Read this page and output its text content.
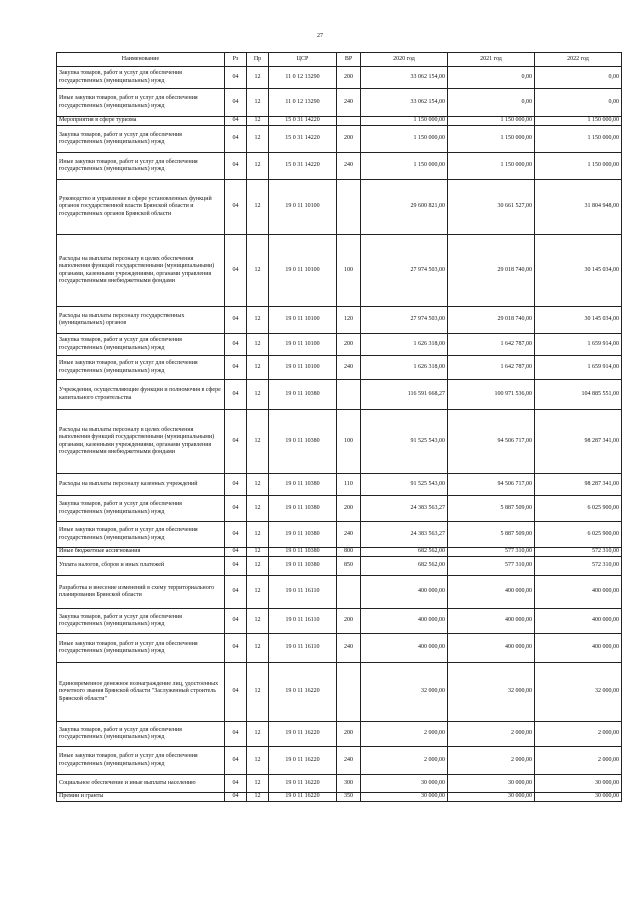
27
Наименование	Рз	Пр	ЦСР	ВР	2020 год	2021 год	2022 год
Закупка товаров, работ и услуг для обеспечения государственных (муниципальных) нужд	04	12	11 0 12 13290	200	33 062 154,00	0,00	0,00
Иные закупки товаров, работ и услуг для обеспечения государственных (муниципальных) нужд	04	12	11 0 12 13290	240	33 062 154,00	0,00	0,00
Мероприятия в сфере туризма	04	12	15 0 31 14220		1 150 000,00	1 150 000,00	1 150 000,00
Закупка товаров, работ и услуг для обеспечения государственных (муниципальных) нужд	04	12	15 0 31 14220	200	1 150 000,00	1 150 000,00	1 150 000,00
Иные закупки товаров, работ и услуг для обеспечения государственных (муниципальных) нужд	04	12	15 0 31 14220	240	1 150 000,00	1 150 000,00	1 150 000,00
Руководство и управление в сфере установленных функций органов государственной власти Брянской области и государственных органов Брянской области	04	12	19 0 11 10100		29 600 821,00	30 661 527,00	31 804 948,00
Расходы на выплаты персоналу в целях обеспечения выполнения функций государственными (муниципальными) органами, казенными учреждениями, органами управления государственными внебюджетными фондами	04	12	19 0 11 10100	100	27 974 503,00	29 018 740,00	30 145 034,00
Расходы на выплаты персоналу государственных (муниципальных) органов	04	12	19 0 11 10100	120	27 974 503,00	29 018 740,00	30 145 034,00
Закупка товаров, работ и услуг для обеспечения государственных (муниципальных) нужд	04	12	19 0 11 10100	200	1 626 318,00	1 642 787,00	1 659 914,00
Иные закупки товаров, работ и услуг для обеспечения государственных (муниципальных) нужд	04	12	19 0 11 10100	240	1 626 318,00	1 642 787,00	1 659 914,00
Учреждения, осуществляющие функции и полномочия в сфере капитального строительства	04	12	19 0 11 10380		116 591 668,27	100 971 536,00	104 885 551,00
Расходы на выплаты персоналу в целях обеспечения выполнения функций государственными (муниципальными) органами, казенными учреждениями, органами управления государственными внебюджетными фондами	04	12	19 0 11 10380	100	91 525 543,00	94 506 717,00	98 287 341,00
Расходы на выплаты персоналу казенных учреждений	04	12	19 0 11 10380	110	91 525 543,00	94 506 717,00	98 287 341,00
Закупка товаров, работ и услуг для обеспечения государственных (муниципальных) нужд	04	12	19 0 11 10380	200	24 383 563,27	5 887 509,00	6 025 900,00
Иные закупки товаров, работ и услуг для обеспечения государственных (муниципальных) нужд	04	12	19 0 11 10380	240	24 383 563,27	5 887 509,00	6 025 900,00
Иные бюджетные ассигнования	04	12	19 0 11 10380	800	682 562,00	577 310,00	572 310,00
Уплата налогов, сборов и иных платежей	04	12	19 0 11 10380	850	682 562,00	577 310,00	572 310,00
Разработка и внесение изменений в схему территориального планирования Брянской области	04	12	19 0 11 16110		400 000,00	400 000,00	400 000,00
Закупка товаров, работ и услуг для обеспечения государственных (муниципальных) нужд	04	12	19 0 11 16110	200	400 000,00	400 000,00	400 000,00
Иные закупки товаров, работ и услуг для обеспечения государственных (муниципальных) нужд	04	12	19 0 11 16110	240	400 000,00	400 000,00	400 000,00
Единовременное денежное вознаграждение лиц, удостоенных почетного звания Брянской области "Заслуженный строитель Брянской области"	04	12	19 0 11 16220		32 000,00	32 000,00	32 000,00
Закупка товаров, работ и услуг для обеспечения государственных (муниципальных) нужд	04	12	19 0 11 16220	200	2 000,00	2 000,00	2 000,00
Иные закупки товаров, работ и услуг для обеспечения государственных (муниципальных) нужд	04	12	19 0 11 16220	240	2 000,00	2 000,00	2 000,00
Социальное обеспечение и иные выплаты населению	04	12	19 0 11 16220	300	30 000,00	30 000,00	30 000,00
Премии и гранты	04	12	19 0 11 16220	350	30 000,00	30 000,00	30 000,00
